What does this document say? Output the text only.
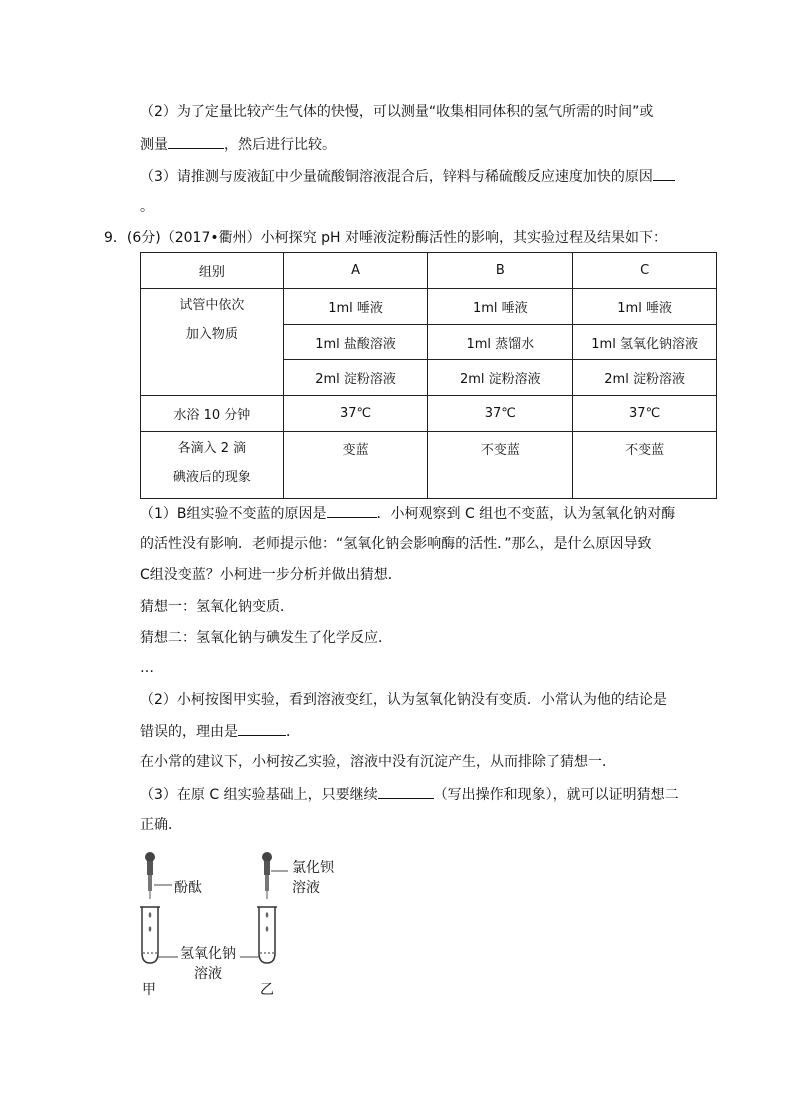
（2）为了定量比较产生气体的快慢，可以测量“收集相同体积的氢气所需的时间”或
测量	，然后进行比较。
（3）请推测与废液缸中少量硫酸铜溶液混合后，锌料与稀硫酸反应速度加快的原因
。
9．(6分)（2017•衢州）小柯探究 pH 对唾液淀粉酶活性的影响，其实验过程及结果如下：
组别	A	B	C

试管中依次
加入物质	1ml 唾液	1ml 唾液	1ml 唾液
	1ml 盐酸溶液	1ml 蒸馏水	1ml 氢氧化钠溶液
	2ml 淀粉溶液	2ml 淀粉溶液	2ml 淀粉溶液
水浴 10 分钟	37℃	37℃	37℃

各滴入 2 滴
碘液后的现象	变蓝	不变蓝	不变蓝
（1）B组实验不变蓝的原因是	．小柯观察到 C 组也不变蓝，认为氢氧化钠对酶
的活性没有影响．老师提示他：“氢氧化钠会影响酶的活性．”那么，是什么原因导致
C组没变蓝？小柯进一步分析并做出猜想．
猜想一：氢氧化钠变质．
猜想二：氢氧化钠与碘发生了化学反应．
…
（2）小柯按图甲实验，看到溶液变红，认为氢氧化钠没有变质．小常认为他的结论是
错误的，理由是	．
在小常的建议下，小柯按乙实验，溶液中没有沉淀产生，从而排除了猜想一．
（3）在原 C 组实验基础上，只要继续	（写出操作和现象），就可以证明猜想二
正确．
酚酞
氯化钡
溶液
氢氧化钠
溶液
甲	乙
